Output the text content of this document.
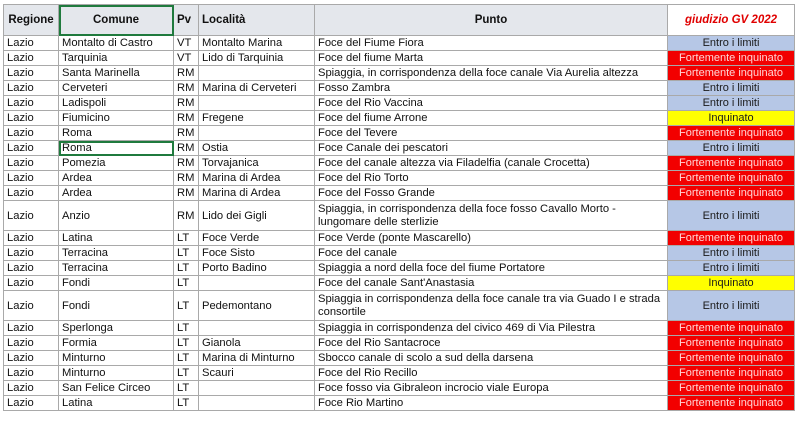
Regione	Comune	Pv	Località	Punto	giudizio GV 2022
Lazio	Montalto di Castro	VT	Montalto Marina	Foce del Fiume Fiora	Entro i limiti
Lazio	Tarquinia	VT	Lido di Tarquinia	Foce del fiume Marta	Fortemente inquinato
Lazio	Santa Marinella	RM		Spiaggia, in corrispondenza della foce canale Via Aurelia altezza	Fortemente inquinato
Lazio	Cerveteri	RM	Marina di Cerveteri	Fosso Zambra	Entro i limiti
Lazio	Ladispoli	RM		Foce del Rio Vaccina	Entro i limiti
Lazio	Fiumicino	RM	Fregene	Foce del fiume Arrone	Inquinato
Lazio	Roma	RM		Foce del Tevere	Fortemente inquinato
Lazio	Roma	RM	Ostia	Foce Canale dei pescatori	Entro i limiti
Lazio	Pomezia	RM	Torvajanica	Foce del canale altezza via Filadelfia (canale Crocetta)	Fortemente inquinato
Lazio	Ardea	RM	Marina di Ardea	Foce del Rio Torto	Fortemente inquinato
Lazio	Ardea	RM	Marina di Ardea	Foce del Fosso Grande	Fortemente inquinato
Lazio	Anzio	RM	Lido dei Gigli	Spiaggia, in corrispondenza della foce fosso Cavallo Morto - lungomare delle sterlizie	Entro i limiti
Lazio	Latina	LT	Foce Verde	Foce Verde (ponte Mascarello)	Fortemente inquinato
Lazio	Terracina	LT	Foce Sisto	Foce del canale	Entro i limiti
Lazio	Terracina	LT	Porto Badino	Spiaggia a nord della foce del fiume Portatore	Entro i limiti
Lazio	Fondi	LT		Foce del canale Sant'Anastasia	Inquinato
Lazio	Fondi	LT	Pedemontano	Spiaggia in corrispondenza della foce canale tra via Guado I e strada consortile	Entro i limiti
Lazio	Sperlonga	LT		Spiaggia in corrispondenza del civico 469 di Via Pilestra	Fortemente inquinato
Lazio	Formia	LT	Gianola	Foce del Rio Santacroce	Fortemente inquinato
Lazio	Minturno	LT	Marina di Minturno	Sbocco canale di scolo a sud della darsena	Fortemente inquinato
Lazio	Minturno	LT	Scauri	Foce del Rio Recillo	Fortemente inquinato
Lazio	San Felice Circeo	LT		Foce fosso via Gibraleon incrocio viale Europa	Fortemente inquinato
Lazio	Latina	LT		Foce Rio Martino	Fortemente inquinato
